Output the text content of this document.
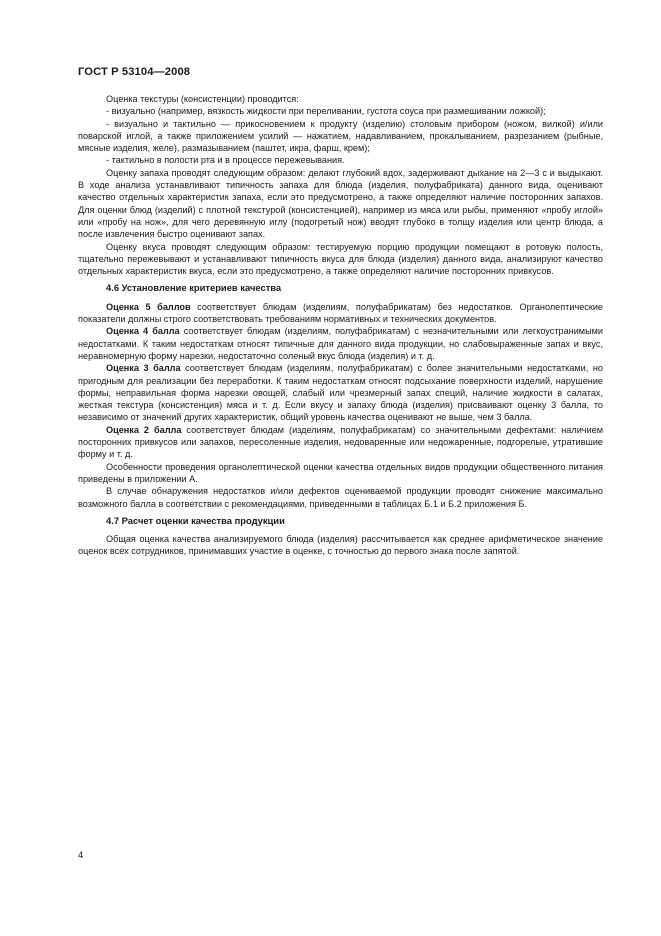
ГОСТ Р 53104—2008

Оценка текстуры (консистенции) проводится:

- визуально (например, вязкость жидкости при переливании, густота соуса при размешивании ложкой);

- визуально и тактильно — прикосновением к продукту (изделию) столовым прибором (ножом, вилкой) и/или поварской иглой, а также приложением усилий — нажатием, надавливанием, прокалыванием, разрезанием (рыбные, мясные изделия, желе), размазыванием (паштет, икра, фарш, крем);

- тактильно в полости рта и в процессе пережевывания.

Оценку запаха проводят следующим образом: делают глубокий вдох, задерживают дыхание на 2—3 с и выдыхают. В ходе анализа устанавливают типичность запаха для блюда (изделия, полуфабриката) данного вида, оценивают качество отдельных характеристик запаха, если это предусмотрено, а также определяют наличие посторонних запахов. Для оценки блюд (изделий) с плотной текстурой (консистенцией), например из мяса или рыбы, применяют «пробу иглой» или «пробу на нож», для чего деревянную иглу (подогретый нож) вводят глубоко в толщу изделия или центр блюда, а после извлечения быстро оценивают запах.

Оценку вкуса проводят следующим образом: тестируемую порцию продукции помещают в ротовую полость, тщательно пережевывают и устанавливают типичность вкуса для блюда (изделия) данного вида, анализируют качество отдельных характеристик вкуса, если это предусмотрено, а также определяют наличие посторонних привкусов.

4.6 Установление критериев качества

Оценка 5 баллов соответствует блюдам (изделиям, полуфабрикатам) без недостатков. Органолептические показатели должны строго соответствовать требованиям нормативных и технических документов.

Оценка 4 балла соответствует блюдам (изделиям, полуфабрикатам) с незначительными или легкоустранимыми недостатками. К таким недостаткам относят типичные для данного вида продукции, но слабовыраженные запах и вкус, неравномерную форму нарезки, недостаточно соленый вкус блюда (изделия) и т. д.

Оценка 3 балла соответствует блюдам (изделиям, полуфабрикатам) с более значительными недостатками, но пригодным для реализации без переработки. К таким недостаткам относят подсыхание поверхности изделий, нарушение формы, неправильная форма нарезки овощей, слабый или чрезмерный запах специй, наличие жидкости в салатах, жесткая текстура (консистенция) мяса и т. д. Если вкусу и запаху блюда (изделия) присваивают оценку 3 балла, то независимо от значений других характеристик, общий уровень качества оценивают не выше, чем 3 балла.

Оценка 2 балла соответствует блюдам (изделиям, полуфабрикатам) со значительными дефектами: наличием посторонних привкусов или запахов, пересоленные изделия, недоваренные или недожаренные, подгорелые, утратившие форму и т. д.

Особенности проведения органолептической оценки качества отдельных видов продукции общественного питания приведены в приложении А.

В случае обнаружения недостатков и/или дефектов оцениваемой продукции проводят снижение максимально возможного балла в соответствии с рекомендациями, приведенными в таблицах Б.1 и Б.2 приложения Б.

4.7 Расчет оценки качества продукции

Общая оценка качества анализируемого блюда (изделия) рассчитывается как среднее арифметическое значение оценок всех сотрудников, принимавших участие в оценке, с точностью до первого знака после запятой.

4
